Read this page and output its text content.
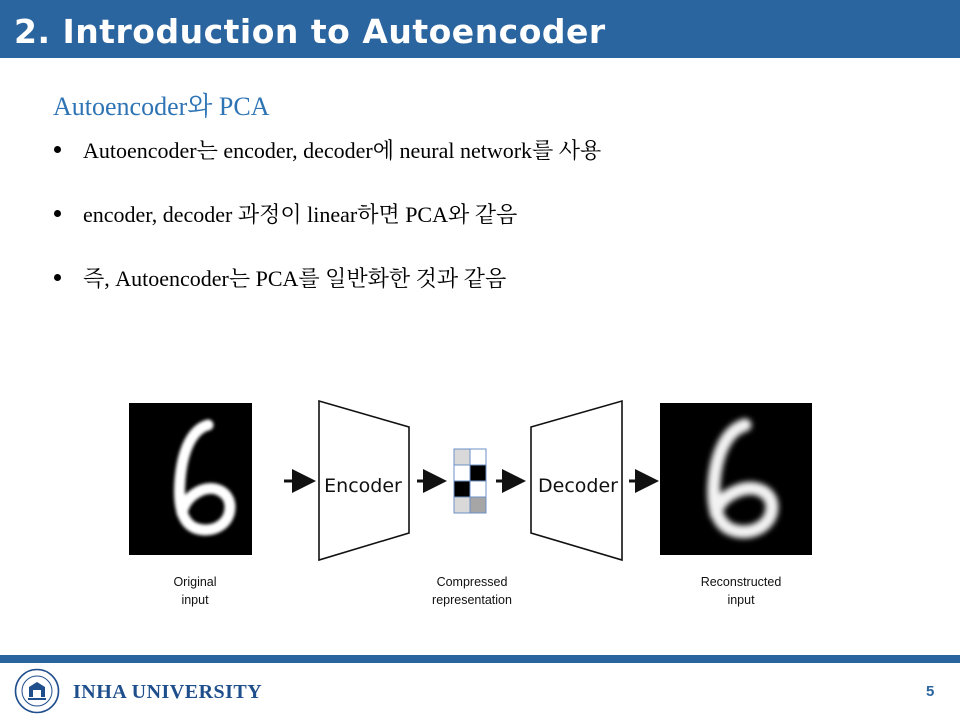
2. Introduction to Autoencoder
Autoencoder와 PCA
Autoencoder는 encoder, decoder에 neural network를 사용
encoder, decoder 과정이 linear하면 PCA와 같음
즉, Autoencoder는 PCA를 일반화한 것과 같음
Encoder	Decoder
Original
input
Compressed
representation
Reconstructed
input
INHA UNIVERSITY	5
